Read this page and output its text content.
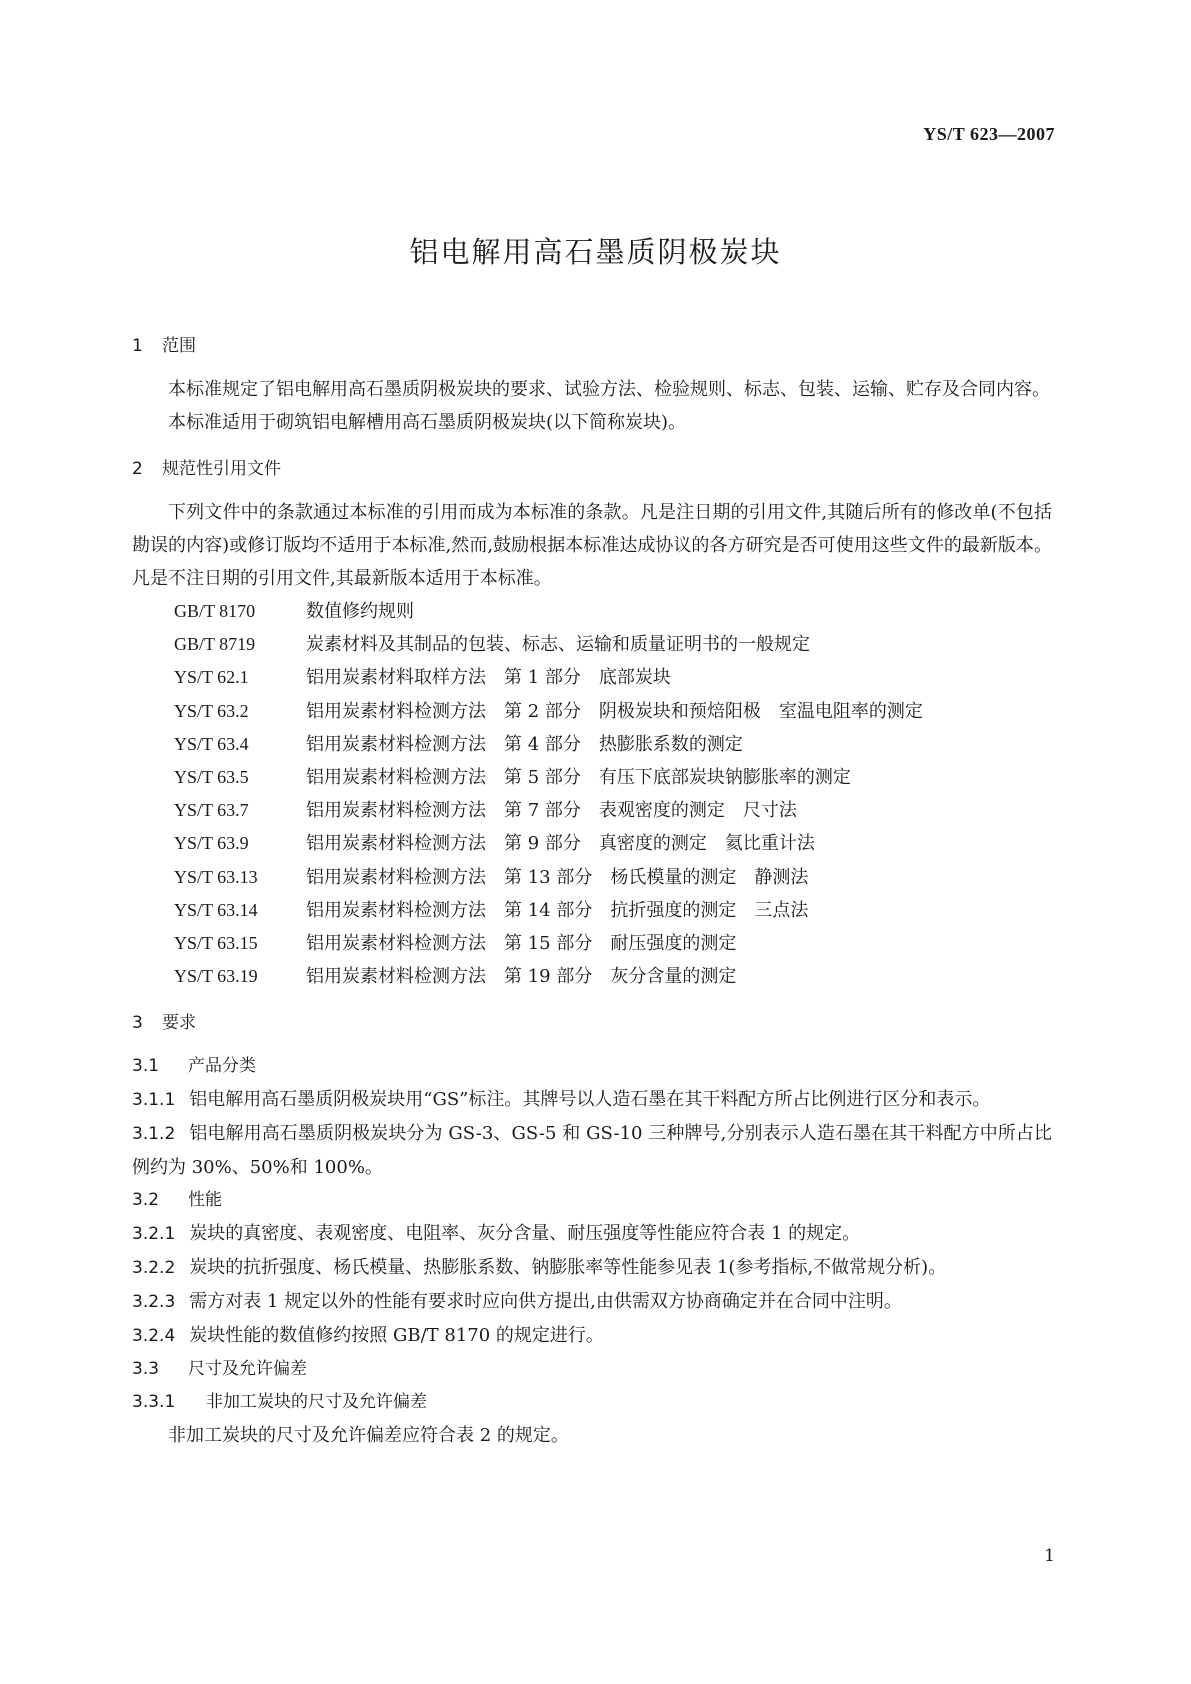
YS/T 623—2007
铝电解用高石墨质阴极炭块
1 范围

本标准规定了铝电解用高石墨质阴极炭块的要求、试验方法、检验规则、标志、包装、运输、贮存及合同内容。

本标准适用于砌筑铝电解槽用高石墨质阴极炭块(以下简称炭块)。

2 规范性引用文件

下列文件中的条款通过本标准的引用而成为本标准的条款。凡是注日期的引用文件,其随后所有的修改单(不包括勘误的内容)或修订版均不适用于本标准,然而,鼓励根据本标准达成协议的各方研究是否可使用这些文件的最新版本。凡是不注日期的引用文件,其最新版本适用于本标准。

GB/T 8170	数值修约规则
GB/T 8719	炭素材料及其制品的包装、标志、运输和质量证明书的一般规定
YS/T 62.1	铝用炭素材料取样方法 第 1 部分 底部炭块
YS/T 63.2	铝用炭素材料检测方法 第 2 部分 阴极炭块和预焙阳极 室温电阻率的测定
YS/T 63.4	铝用炭素材料检测方法 第 4 部分 热膨胀系数的测定
YS/T 63.5	铝用炭素材料检测方法 第 5 部分 有压下底部炭块钠膨胀率的测定
YS/T 63.7	铝用炭素材料检测方法 第 7 部分 表观密度的测定 尺寸法
YS/T 63.9	铝用炭素材料检测方法 第 9 部分 真密度的测定 氦比重计法
YS/T 63.13	铝用炭素材料检测方法 第 13 部分 杨氏模量的测定 静测法
YS/T 63.14	铝用炭素材料检测方法 第 14 部分 抗折强度的测定 三点法
YS/T 63.15	铝用炭素材料检测方法 第 15 部分 耐压强度的测定
YS/T 63.19	铝用炭素材料检测方法 第 19 部分 灰分含量的测定
3 要求
3.1 产品分类
3.1.1 铝电解用高石墨质阴极炭块用“GS”标注。其牌号以人造石墨在其干料配方所占比例进行区分和表示。
3.1.2 铝电解用高石墨质阴极炭块分为 GS-3、GS-5 和 GS-10 三种牌号,分别表示人造石墨在其干料配方中所占比例约为 30%、50%和 100%。
3.2 性能
3.2.1 炭块的真密度、表观密度、电阻率、灰分含量、耐压强度等性能应符合表 1 的规定。
3.2.2 炭块的抗折强度、杨氏模量、热膨胀系数、钠膨胀率等性能参见表 1(参考指标,不做常规分析)。
3.2.3 需方对表 1 规定以外的性能有要求时应向供方提出,由供需双方协商确定并在合同中注明。
3.2.4 炭块性能的数值修约按照 GB/T 8170 的规定进行。
3.3 尺寸及允许偏差
3.3.1 非加工炭块的尺寸及允许偏差

非加工炭块的尺寸及允许偏差应符合表 2 的规定。

1
